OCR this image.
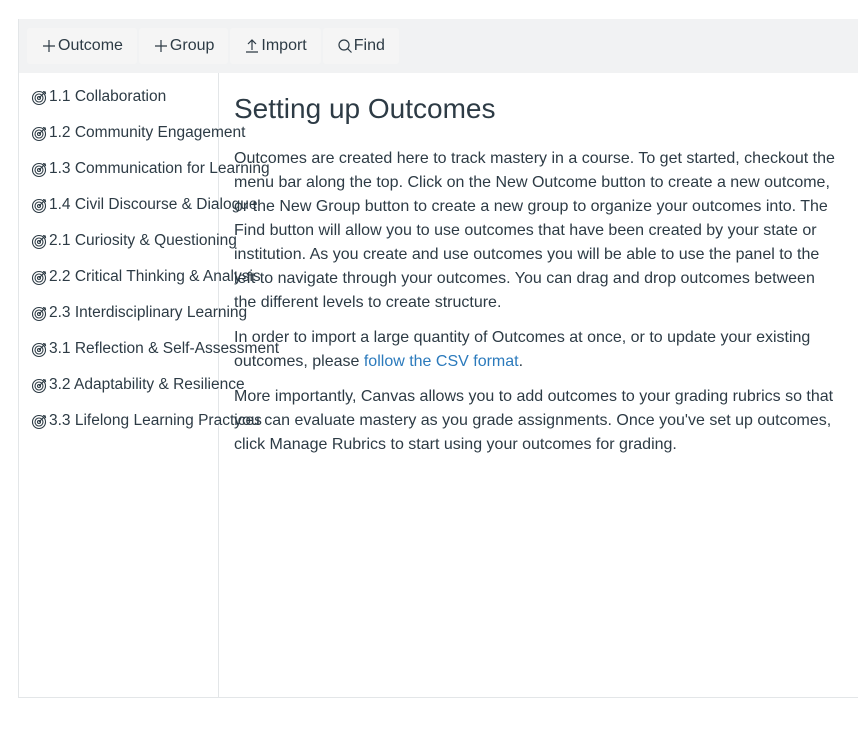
Outcome	Group	Import	Find
1.1 Collaboration
1.2 Community Engagement
1.3 Communication for Learning
1.4 Civil Discourse & Dialogue
2.1 Curiosity & Questioning
2.2 Critical Thinking & Analysis
2.3 Interdisciplinary Learning
3.1 Reflection & Self-Assessment
3.2 Adaptability & Resilience
3.3 Lifelong Learning Practices
Setting up Outcomes

Outcomes are created here to track mastery in a course. To get started, checkout the menu bar along the top. Click on the New Outcome button to create a new outcome, or the New Group button to create a new group to organize your outcomes into. The Find button will allow you to use outcomes that have been created by your state or institution. As you create and use outcomes you will be able to use the panel to the left to navigate through your outcomes. You can drag and drop outcomes between the different levels to create structure.

In order to import a large quantity of Outcomes at once, or to update your existing outcomes, please follow the CSV format.

More importantly, Canvas allows you to add outcomes to your grading rubrics so that you can evaluate mastery as you grade assignments. Once you've set up outcomes, click Manage Rubrics to start using your outcomes for grading.
